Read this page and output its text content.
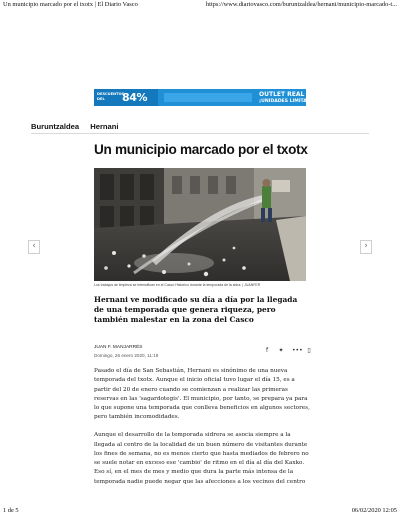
Un municipio marcado por el txotx | El Diario Vasco	https://www.diariovasco.com/buruntzaldea/hernani/municipio-marcado-t...
DESCUENTOS DEL	84%	OUTLET REAL SOCIEDAD
¡UNIDADES LIMITADAS!
Buruntzaldea Hernani
Un municipio marcado por el txotx
Los trabajos de limpieza se intensifican en el Casco Histórico durante la temporada de la sidra. | JUANFER
‹	›
Hernani ve modificado su día a día por la llegada de una temporada que genera riqueza, pero también malestar en la zona del Casco
JUAN F. MANJARRÉS
Domingo, 26 enero 2020, 11:19
f	✦ ••• ▯

Pasado el día de San Sebastián, Hernani es sinónimo de una nueva
temporada del txotx. Aunque el inicio oficial tuvo lugar el día 15, es a
partir del 20 de enero cuando se comienzan a realizar las primeras
reservas en las 'sagardotegis'. El municipio, por tanto, se prepara ya para
lo que supone una temporada que conlleva beneficios en algunos sectores,
pero también incomodidades.

Aunque el desarrollo de la temporada sidrera se asocia siempre a la
llegada al centro de la localidad de un buen número de visitantes durante
los fines de semana, no es menos cierto que hasta mediados de febrero no
se suele notar en exceso ese 'cambio' de ritmo en el día al día del Kaxko.
Eso sí, en el mes de mes y medio que dura la parte más intensa de la
temporada nadie puede negar que las afecciones a los vecinos del centro

1 de 5	06/02/2020 12:05
